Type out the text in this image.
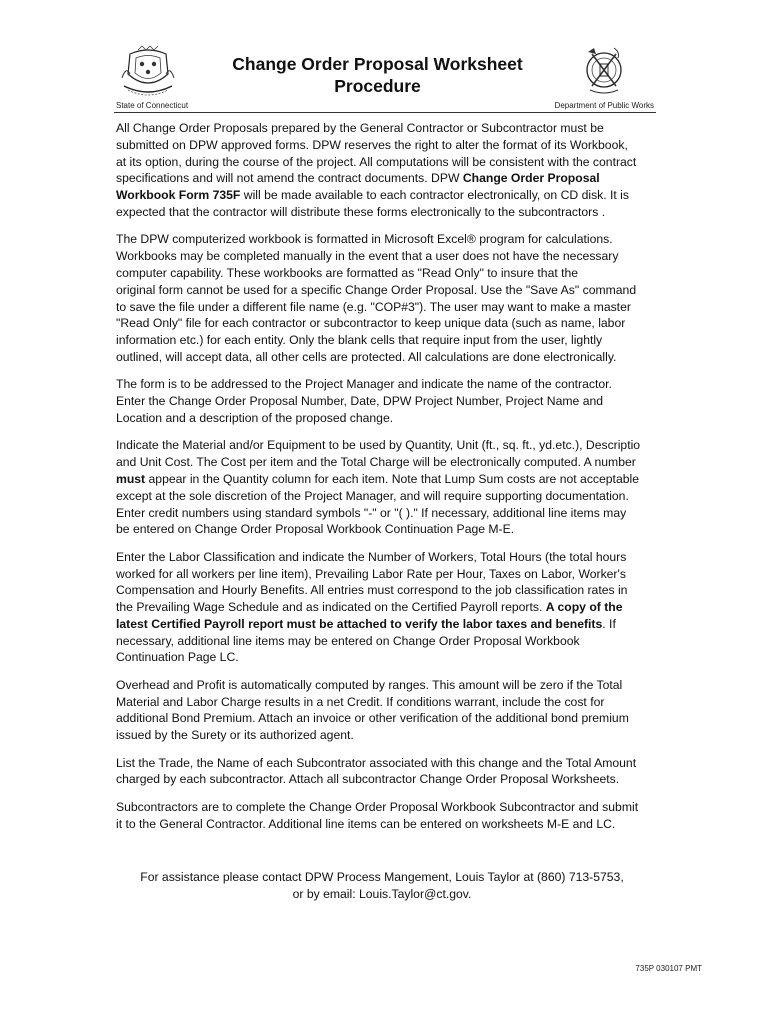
Change Order Proposal Worksheet
Procedure
State of Connecticut	Department of Public Works

All Change Order Proposals prepared by the General Contractor or Subcontractor must be
submitted on DPW approved forms. DPW reserves the right to alter the format of its Workbook,
at its option, during the course of the project. All computations will be consistent with the contract
specifications and will not amend the contract documents. DPW Change Order Proposal
Workbook Form 735F will be made available to each contractor electronically, on CD disk. It is
expected that the contractor will distribute these forms electronically to the subcontractors .

The DPW computerized workbook is formatted in Microsoft Excel® program for calculations.
Workbooks may be completed manually in the event that a user does not have the necessary
computer capability. These workbooks are formatted as "Read Only" to insure that the
original form cannot be used for a specific Change Order Proposal. Use the "Save As" command
to save the file under a different file name (e.g. "COP#3"). The user may want to make a master
"Read Only" file for each contractor or subcontractor to keep unique data (such as name, labor
information etc.) for each entity. Only the blank cells that require input from the user, lightly
outlined, will accept data, all other cells are protected. All calculations are done electronically.

The form is to be addressed to the Project Manager and indicate the name of the contractor.
Enter the Change Order Proposal Number, Date, DPW Project Number, Project Name and
Location and a description of the proposed change.

Indicate the Material and/or Equipment to be used by Quantity, Unit (ft., sq. ft., yd.etc.), Descriptio
and Unit Cost. The Cost per item and the Total Charge will be electronically computed. A number
must appear in the Quantity column for each item. Note that Lump Sum costs are not acceptable
except at the sole discretion of the Project Manager, and will require supporting documentation.
Enter credit numbers using standard symbols "-" or "( )." If necessary, additional line items may
be entered on Change Order Proposal Workbook Continuation Page M-E.

Enter the Labor Classification and indicate the Number of Workers, Total Hours (the total hours
worked for all workers per line item), Prevailing Labor Rate per Hour, Taxes on Labor, Worker's
Compensation and Hourly Benefits. All entries must correspond to the job classification rates in
the Prevailing Wage Schedule and as indicated on the Certified Payroll reports. A copy of the
latest Certified Payroll report must be attached to verify the labor taxes and benefits. If
necessary, additional line items may be entered on Change Order Proposal Workbook
Continuation Page LC.

Overhead and Profit is automatically computed by ranges. This amount will be zero if the Total
Material and Labor Charge results in a net Credit. If conditions warrant, include the cost for
additional Bond Premium. Attach an invoice or other verification of the additional bond premium
issued by the Surety or its authorized agent.

List the Trade, the Name of each Subcontrator associated with this change and the Total Amount
charged by each subcontractor. Attach all subcontractor Change Order Proposal Worksheets.

Subcontractors are to complete the Change Order Proposal Workbook Subcontractor and submit
it to the General Contractor. Additional line items can be entered on worksheets M-E and LC.

For assistance please contact DPW Process Mangement, Louis Taylor at (860) 713-5753,
or by email: Louis.Taylor@ct.gov.
735P 030107 PMT
